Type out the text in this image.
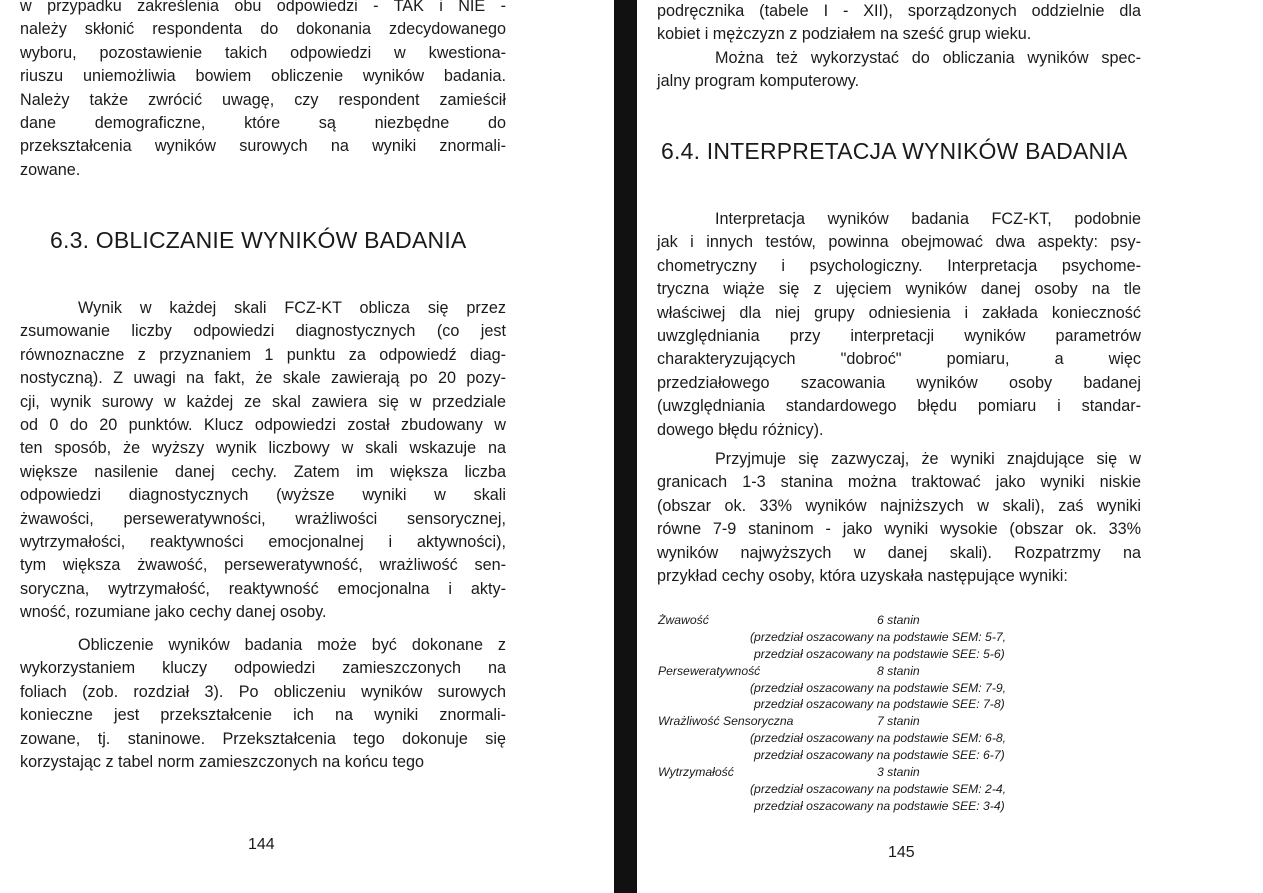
w przypadku zakreślenia obu odpowiedzi - TAK i NIE -
należy skłonić respondenta do dokonania zdecydowanego
wyboru, pozostawienie takich odpowiedzi w kwestiona-
riuszu uniemożliwia bowiem obliczenie wyników badania.
Należy także zwrócić uwagę, czy respondent zamieścił
dane demograficzne, które są niezbędne do
przekształcenia wyników surowych na wyniki znormali-
zowane.
6.3. OBLICZANIE WYNIKÓW BADANIA
Wynik w każdej skali FCZ-KT oblicza się przez
zsumowanie liczby odpowiedzi diagnostycznych (co jest
równoznaczne z przyznaniem 1 punktu za odpowiedź diag-
nostyczną). Z uwagi na fakt, że skale zawierają po 20 pozy-
cji, wynik surowy w każdej ze skal zawiera się w przedziale
od 0 do 20 punktów. Klucz odpowiedzi został zbudowany w
ten sposób, że wyższy wynik liczbowy w skali wskazuje na
większe nasilenie danej cechy. Zatem im większa liczba
odpowiedzi diagnostycznych (wyższe wyniki w skali
żwawości, perseweratywności, wrażliwości sensorycznej,
wytrzymałości, reaktywności emocjonalnej i aktywności),
tym większa żwawość, perseweratywność, wrażliwość sen-
soryczna, wytrzymałość, reaktywność emocjonalna i akty-
wność, rozumiane jako cechy danej osoby.
Obliczenie wyników badania może być dokonane z
wykorzystaniem kluczy odpowiedzi zamieszczonych na
foliach (zob. rozdział 3). Po obliczeniu wyników surowych
konieczne jest przekształcenie ich na wyniki znormali-
zowane, tj. staninowe. Przekształcenia tego dokonuje się
korzystając z tabel norm zamieszczonych na końcu tego
144
podręcznika (tabele I - XII), sporządzonych oddzielnie dla
kobiet i mężczyzn z podziałem na sześć grup wieku.
Można też wykorzystać do obliczania wyników spec-
jalny program komputerowy.
6.4. INTERPRETACJA WYNIKÓW BADANIA
Interpretacja wyników badania FCZ-KT, podobnie
jak i innych testów, powinna obejmować dwa aspekty: psy-
chometryczny i psychologiczny. Interpretacja psychome-
tryczna wiąże się z ujęciem wyników danej osoby na tle
właściwej dla niej grupy odniesienia i zakłada konieczność
uwzględniania przy interpretacji wyników parametrów
charakteryzujących "dobroć" pomiaru, a więc
przedziałowego szacowania wyników osoby badanej
(uwzględniania standardowego błędu pomiaru i standar-
dowego błędu różnicy).
Przyjmuje się zazwyczaj, że wyniki znajdujące się w
granicach 1-3 stanina można traktować jako wyniki niskie
(obszar ok. 33% wyników najniższych w skali), zaś wyniki
równe 7-9 staninom - jako wyniki wysokie (obszar ok. 33%
wyników najwyższych w danej skali). Rozpatrzmy na
przykład cechy osoby, która uzyskała następujące wyniki:
Żwawość	6 stanin
(przedział oszacowany na podstawie SEM: 5-7,
przedział oszacowany na podstawie SEE: 5-6)
Perseweratywność	8 stanin
(przedział oszacowany na podstawie SEM: 7-9,
przedział oszacowany na podstawie SEE: 7-8)
Wrażliwość Sensoryczna	7 stanin
(przedział oszacowany na podstawie SEM: 6-8,
przedział oszacowany na podstawie SEE: 6-7)
Wytrzymałość	3 stanin
(przedział oszacowany na podstawie SEM: 2-4,
przedział oszacowany na podstawie SEE: 3-4)
145
